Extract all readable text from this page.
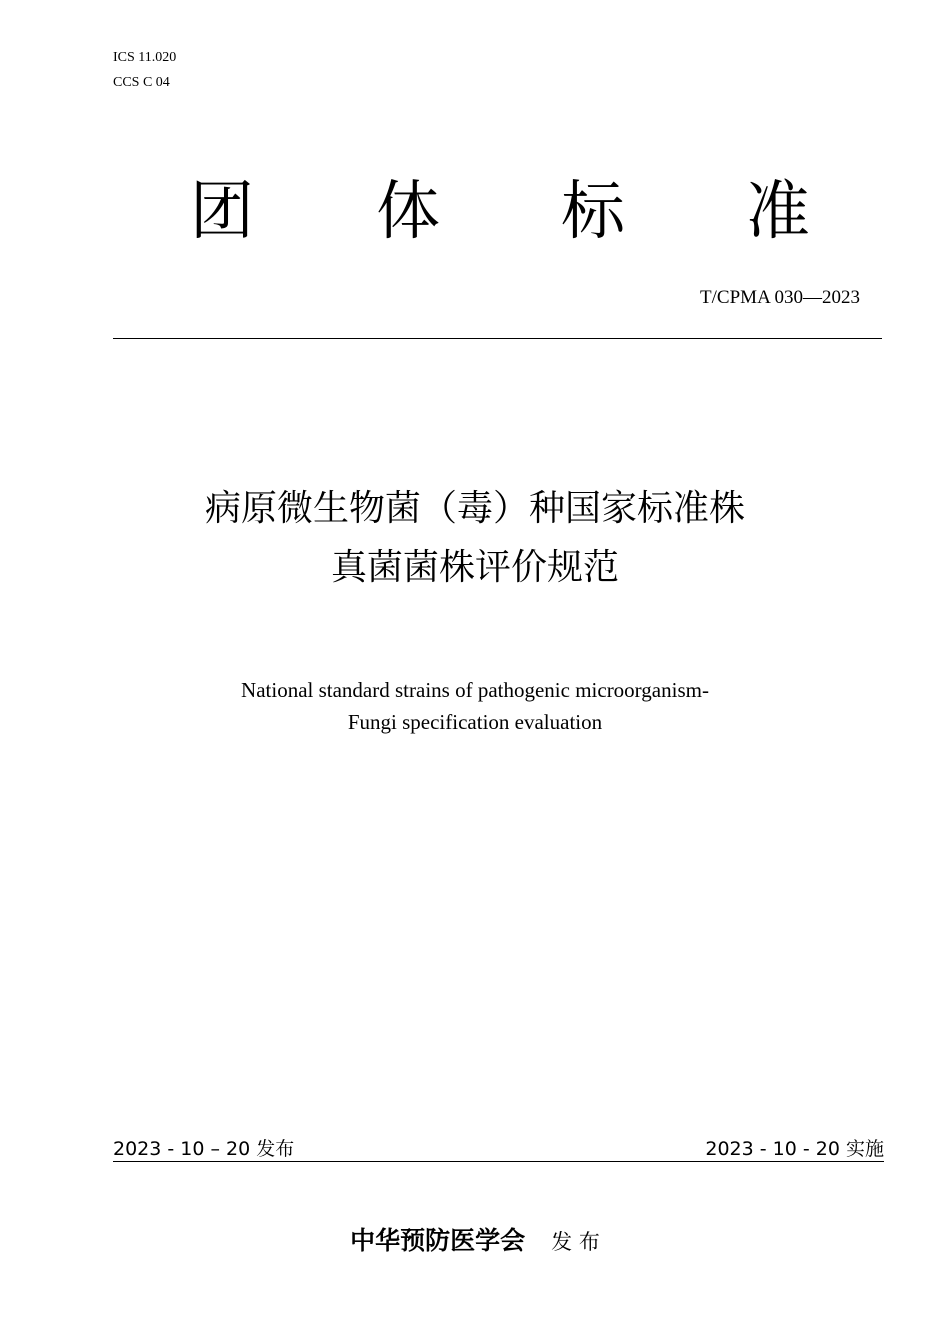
ICS 11.020
CCS C 04
团 体 标 准
T/CPMA 030—2023
病原微生物菌（毒）种国家标准株
真菌菌株评价规范
National standard strains of pathogenic microorganism-
Fungi specification evaluation
2023 - 10 – 20 发布	2023 - 10 - 20 实施
中华预防医学会 发 布
